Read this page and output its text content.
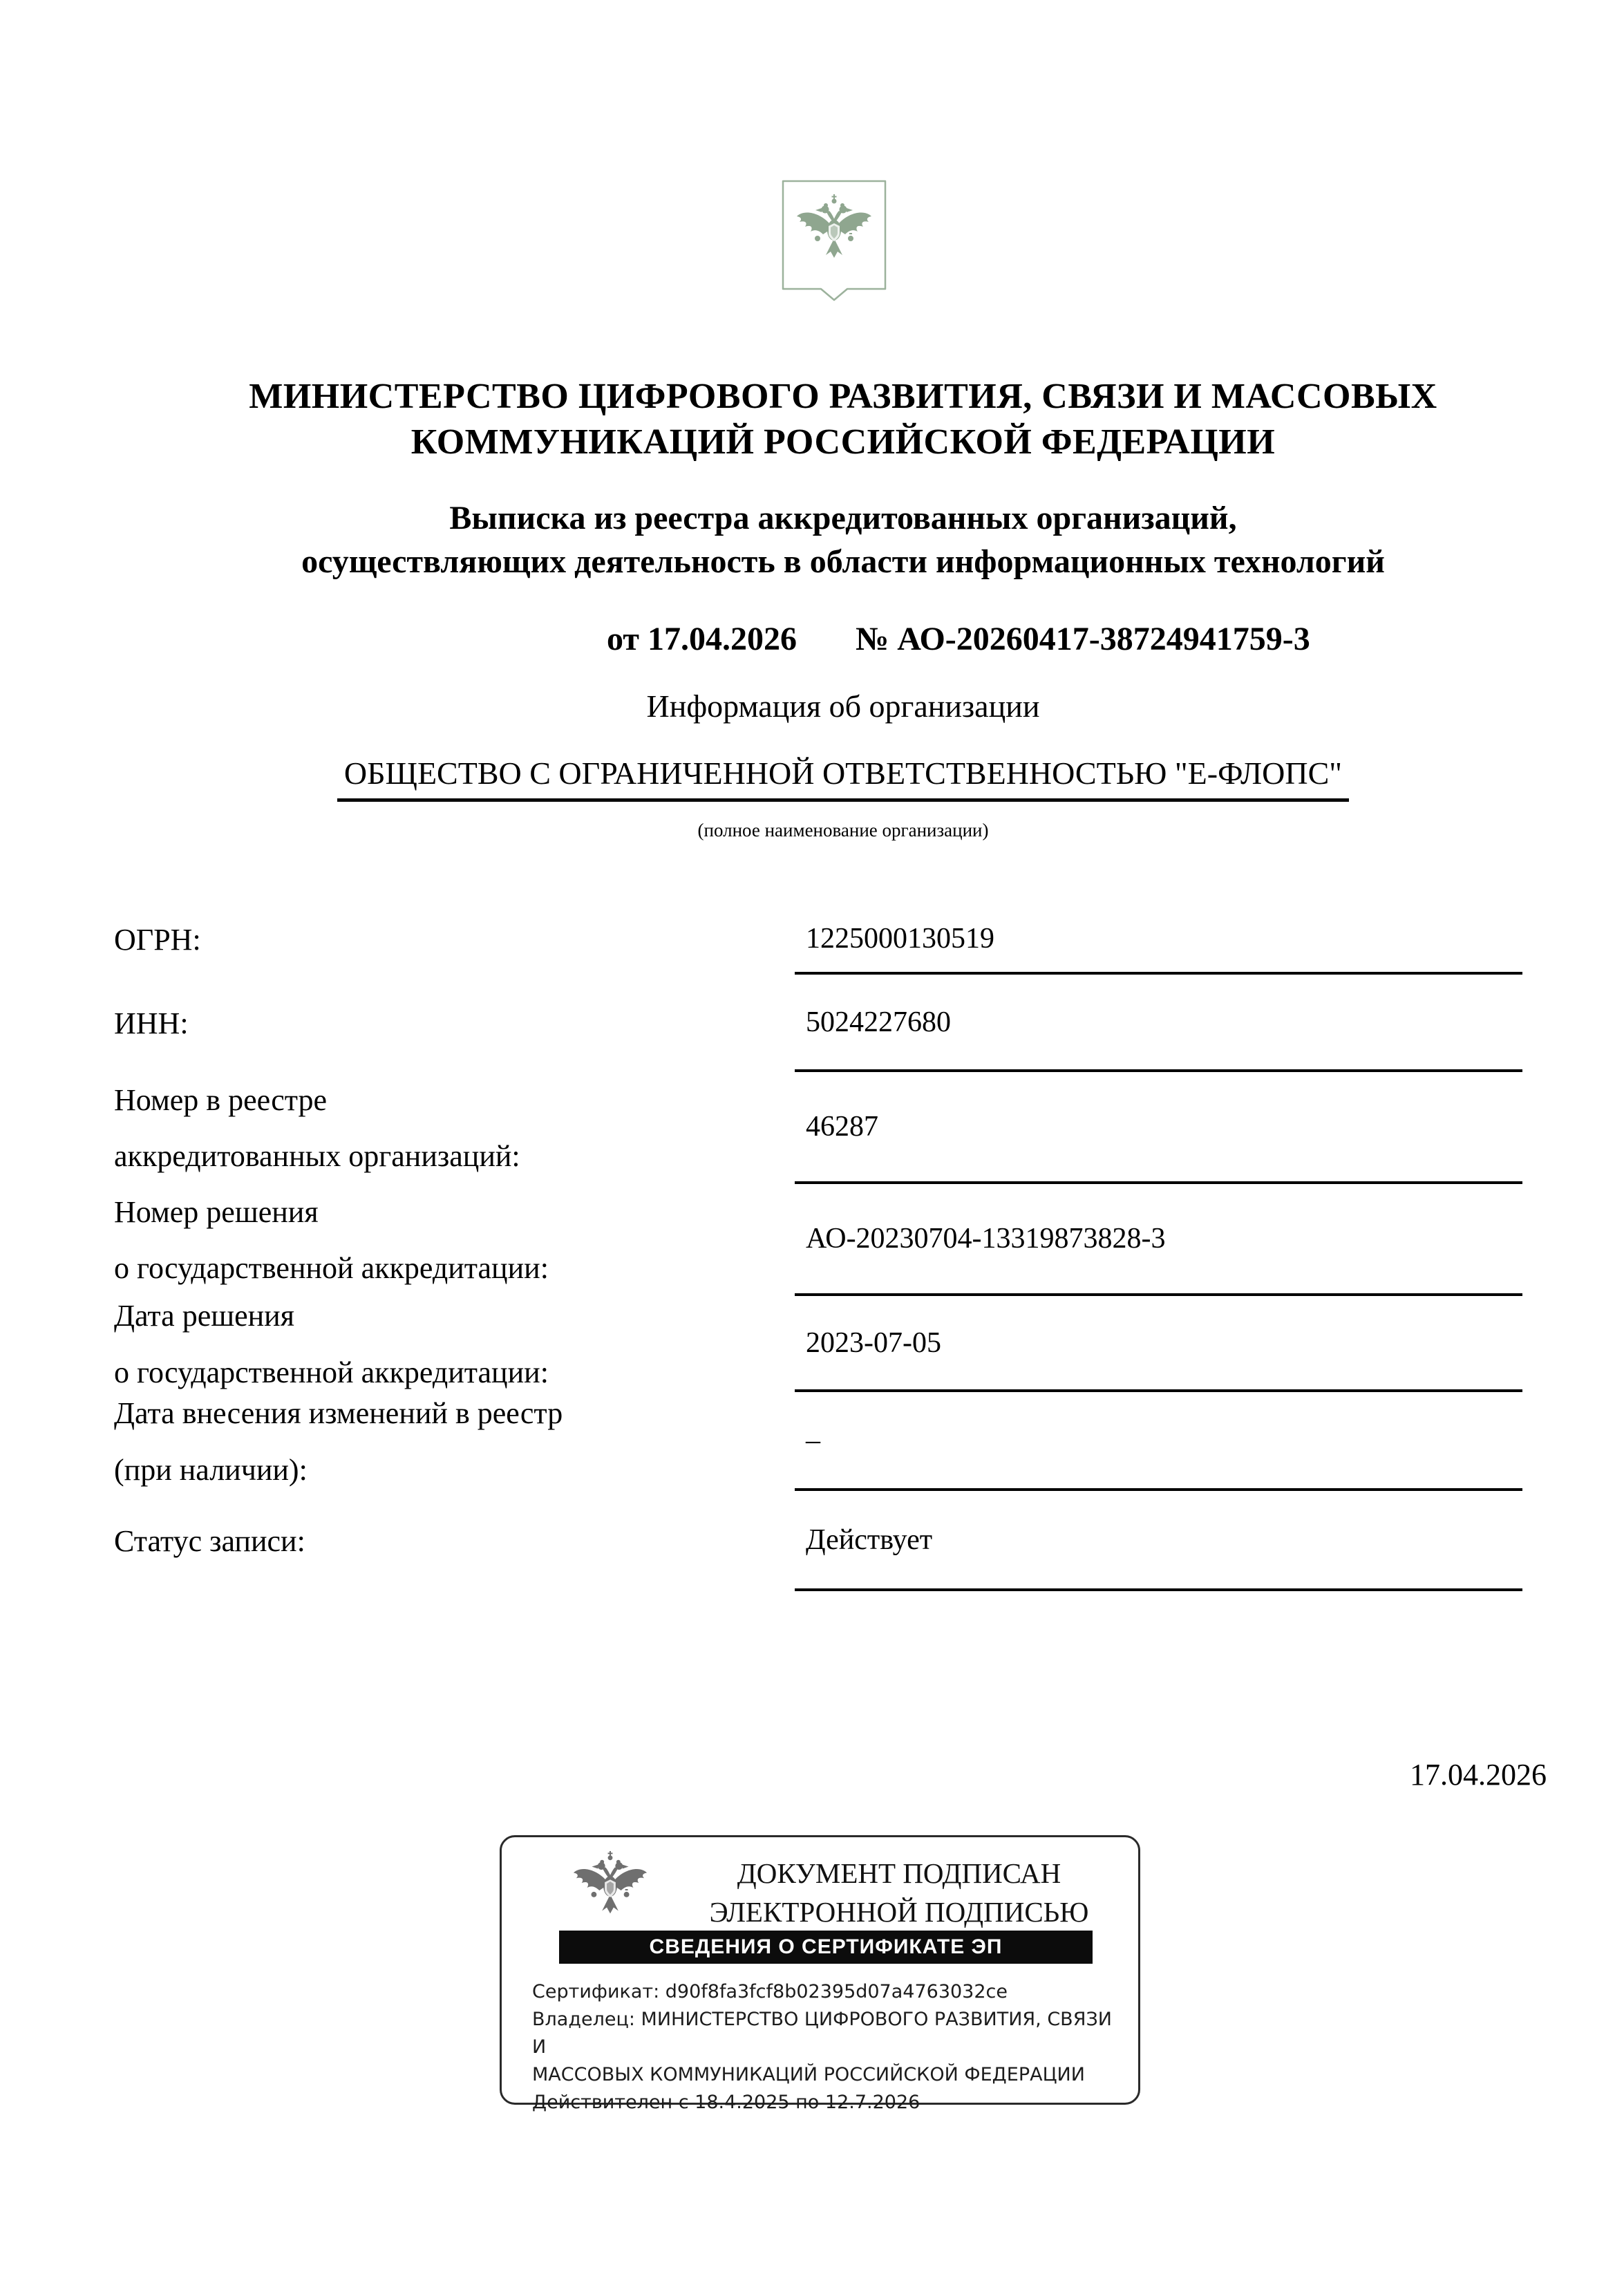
МИНИСТЕРСТВО ЦИФРОВОГО РАЗВИТИЯ, СВЯЗИ И МАССОВЫХ
КОММУНИКАЦИЙ РОССИЙСКОЙ ФЕДЕРАЦИИ
Выписка из реестра аккредитованных организаций,
осуществляющих деятельность в области информационных технологий
от 17.04.2026 № АО-20260417-38724941759-3
Информация об организации
ОБЩЕСТВО С ОГРАНИЧЕННОЙ ОТВЕТСТВЕННОСТЬЮ "Е-ФЛОПС"
(полное наименование организации)
ОГРН:	1225000130519
ИНН:	5024227680
Номер в реестре
аккредитованных организаций:
46287
Номер решения
о государственной аккредитации:
АО-20230704-13319873828-3
Дата решения
о государственной аккредитации:
2023-07-05
Дата внесения изменений в реестр
(при наличии):
–
Статус записи:	Действует
17.04.2026
ДОКУМЕНТ ПОДПИСАН
ЭЛЕКТРОННОЙ ПОДПИСЬЮ
СВЕДЕНИЯ О СЕРТИФИКАТЕ ЭП
Сертификат: d90f8fa3fcf8b02395d07a4763032ce
Владелец: МИНИСТЕРСТВО ЦИФРОВОГО РАЗВИТИЯ, СВЯЗИ И
МАССОВЫХ КОММУНИКАЦИЙ РОССИЙСКОЙ ФЕДЕРАЦИИ
Действителен с 18.4.2025 по 12.7.2026
